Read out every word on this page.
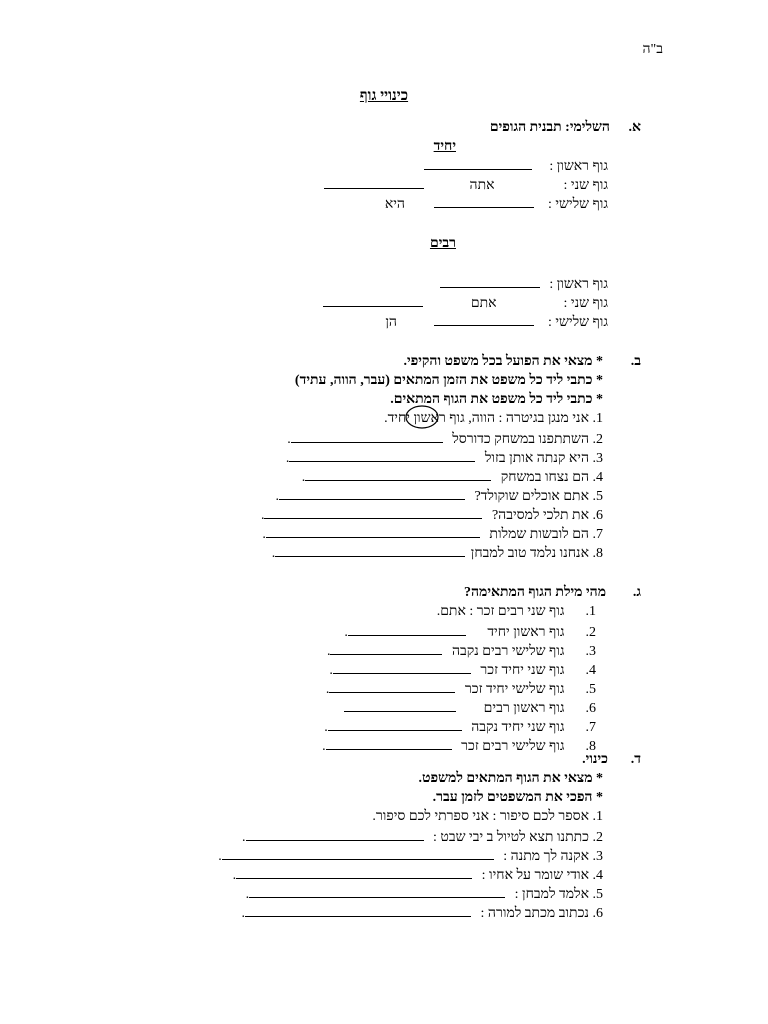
ב"ה
כינויי גוף
א.
השלימי: תבנית הגופים
יחיד
גוף ראשון :
גוף שני :  אתה
גוף שלישי :  היא
רבים
גוף ראשון :
גוף שני :  אתם
גוף שלישי :  הן
ב.
* מצאי את הפועל בכל משפט והקיפי.
* כתבי ליד כל משפט את הזמן המתאים (עבר, הווה, עתיד)
* כתבי ליד כל משפט את הגוף המתאים.
1. אני מנגן בגיטרה : הווה, גוף ראשון יחיד.
2. השתתפנו במשחק כדורסל .
3. היא קנתה אותן בזול .
4. הם נצחו במשחק .
5. אתם אוכלים שוקולד? .
6. את תלכי למסיבה? .
7. הם לובשות שמלות .
8. אנחנו נלמד טוב למבחן .
ג.
מהי מילת הגוף המתאימה?
1. גוף שני רבים זכר : אתם.
2. גוף ראשון יחיד .
3. גוף שלישי רבים נקבה .
4. גוף שני יחיד זכר .
5. גוף שלישי יחיד זכר .
6. גוף ראשון רבים
7. גוף שני יחיד נקבה .
8. גוף שלישי רבים זכר .
ד.
כינוי.
* מצאי את הגוף המתאים למשפט.
* הפכי את המשפטים לזמן עבר.
1. אספר לכם סיפור : אני ספרתי לכם סיפור.
2. כתתנו תצא לטיול ב יבי שבט : .
3. אקנה לך מתנה : .
4. אודי שומר על אחיו : .
5. אלמד למבחן : .
6. נכתוב מכתב למורה : .
